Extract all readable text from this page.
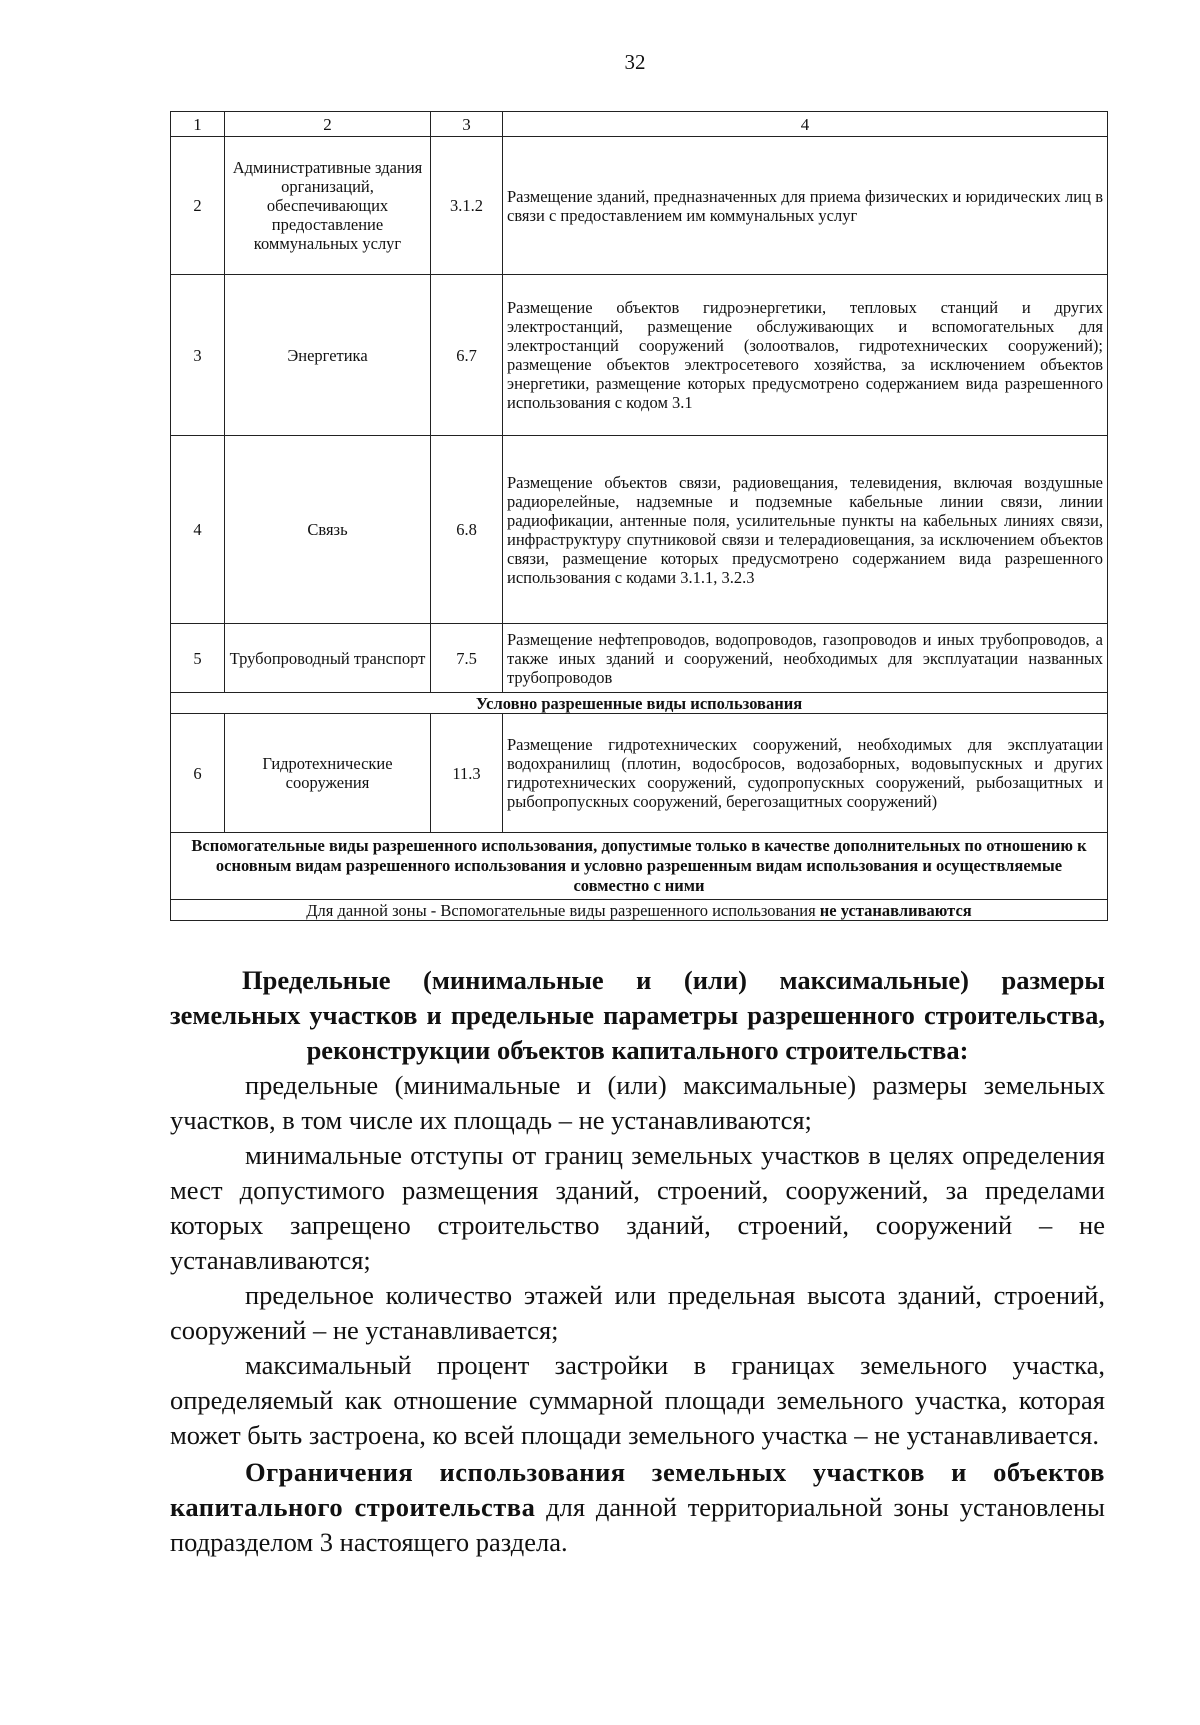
32
1	2	3	4
2	Административные здания организаций, обеспечивающих предоставление коммунальных услуг	3.1.2	Размещение зданий, предназначенных для приема физических и юридических лиц в связи с предоставлением им коммунальных услуг
3	Энергетика	6.7	Размещение объектов гидроэнергетики, тепловых станций и других электростанций, размещение обслуживающих и вспомогательных для электростанций сооружений (золоотвалов, гидротехнических сооружений); размещение объектов электросетевого хозяйства, за исключением объектов энергетики, размещение которых предусмотрено содержанием вида разрешенного использования с кодом 3.1
4	Связь	6.8	Размещение объектов связи, радиовещания, телевидения, включая воздушные радиорелейные, надземные и подземные кабельные линии связи, линии радиофикации, антенные поля, усилительные пункты на кабельных линиях связи, инфраструктуру спутниковой связи и телерадиовещания, за исключением объектов связи, размещение которых предусмотрено содержанием вида разрешенного использования с кодами 3.1.1, 3.2.3
5	Трубопроводный транспорт	7.5	Размещение нефтепроводов, водопроводов, газопроводов и иных трубопроводов, а также иных зданий и сооружений, необходимых для эксплуатации названных трубопроводов
Условно разрешенные виды использования			
6	Гидротехнические сооружения	11.3	Размещение гидротехнических сооружений, необходимых для эксплуатации водохранилищ (плотин, водосбросов, водозаборных, водовыпускных и других гидротехнических сооружений, судопропускных сооружений, рыбозащитных и рыбопропускных сооружений, берегозащитных сооружений)
Вспомогательные виды разрешенного использования, допустимые только в качестве дополнительных по отношению к основным видам разрешенного использования и условно разрешенным видам использования и осуществляемые совместно с ними			
Для данной зоны - Вспомогательные виды разрешенного использования не устанавливаются			

Предельные (минимальные и (или) максимальные) размеры земельных участков и предельные параметры разрешенного строительства, реконструкции объектов капитального строительства:

предельные (минимальные и (или) максимальные) размеры земельных участков, в том числе их площадь – не устанавливаются;

минимальные отступы от границ земельных участков в целях определения мест допустимого размещения зданий, строений, сооружений, за пределами которых запрещено строительство зданий, строений, сооружений – не устанавливаются;

предельное количество этажей или предельная высота зданий, строений, сооружений – не устанавливается;

максимальный процент застройки в границах земельного участка, определяемый как отношение суммарной площади земельного участка, которая может быть застроена, ко всей площади земельного участка – не устанавливается.

Ограничения использования земельных участков и объектов капитального строительства для данной территориальной зоны установлены подразделом 3 настоящего раздела.
